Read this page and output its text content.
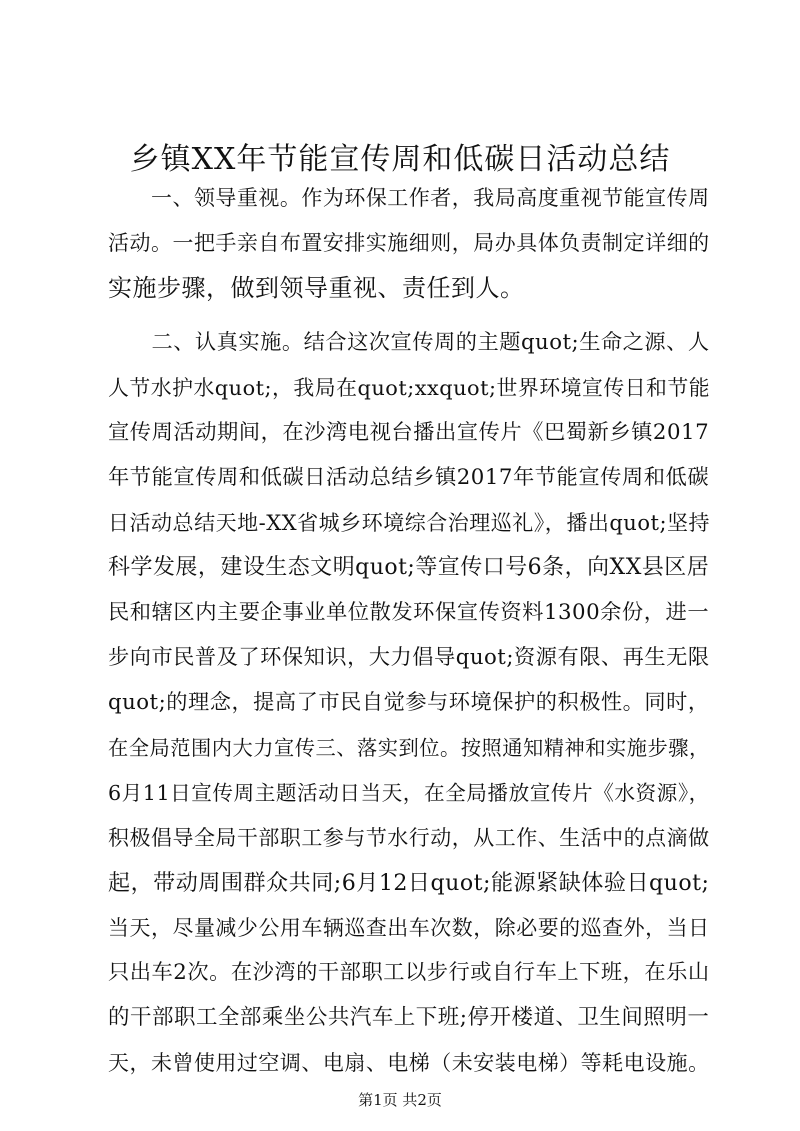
乡镇XX年节能宣传周和低碳日活动总结
　　一、领导重视。作为环保工作者，我局高度重视节能宣传周
活动。一把手亲自布置安排实施细则，局办具体负责制定详细的
实施步骤，做到领导重视、责任到人。
　　二、认真实施。结合这次宣传周的主题quot;生命之源、人
人节水护水quot;，我局在quot;xxquot;世界环境宣传日和节能
宣传周活动期间，在沙湾电视台播出宣传片《巴蜀新乡镇2017
年节能宣传周和低碳日活动总结乡镇2017年节能宣传周和低碳
日活动总结天地-XX省城乡环境综合治理巡礼》，播出quot;坚持
科学发展，建设生态文明quot;等宣传口号6条，向XX县区居
民和辖区内主要企事业单位散发环保宣传资料1300余份，进一
步向市民普及了环保知识，大力倡导quot;资源有限、再生无限
quot;的理念，提高了市民自觉参与环境保护的积极性。同时，
在全局范围内大力宣传三、落实到位。按照通知精神和实施步骤，
6月11日宣传周主题活动日当天，在全局播放宣传片《水资源》，
积极倡导全局干部职工参与节水行动，从工作、生活中的点滴做
起，带动周围群众共同;6月12日quot;能源紧缺体验日quot;
当天，尽量减少公用车辆巡查出车次数，除必要的巡查外，当日
只出车2次。在沙湾的干部职工以步行或自行车上下班，在乐山
的干部职工全部乘坐公共汽车上下班;停开楼道、卫生间照明一
天，未曾使用过空调、电扇、电梯（未安装电梯）等耗电设施。
第1页 共2页
